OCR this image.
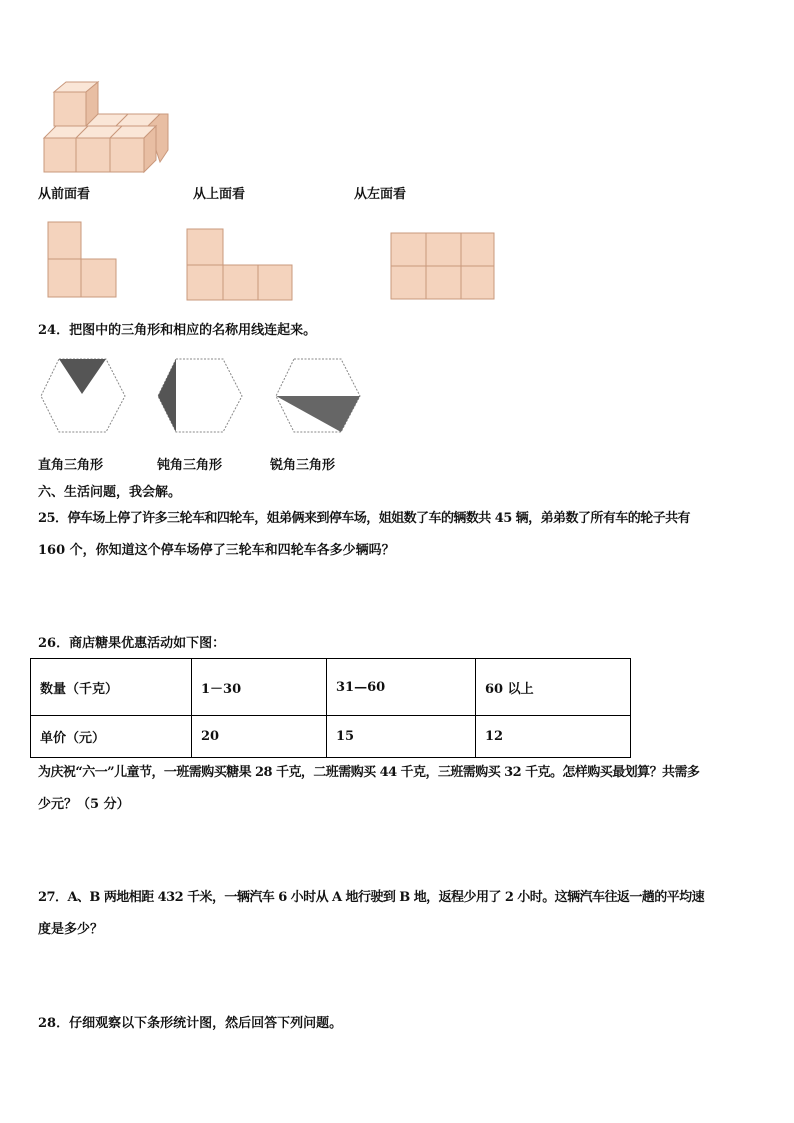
从前面看	从上面看	从左面看
24．把图中的三角形和相应的名称用线连起来。
直角三角形	钝角三角形	锐角三角形
六、生活问题，我会解。
25．停车场上停了许多三轮车和四轮车，姐弟俩来到停车场，姐姐数了车的辆数共 45 辆，弟弟数了所有车的轮子共有
160 个，你知道这个停车场停了三轮车和四轮车各多少辆吗？
26．商店糖果优惠活动如下图：
数量（千克）	1－30	31—60	60 以上
单价（元）	20	15	12
为庆祝“六一”儿童节，一班需购买糖果 28 千克，二班需购买 44 千克，三班需购买 32 千克。怎样购买最划算？共需多
少元？（5 分）
27．A、B 两地相距 432 千米，一辆汽车 6 小时从 A 地行驶到 B 地，返程少用了 2 小时。这辆汽车往返一趟的平均速
度是多少？
28．仔细观察以下条形统计图，然后回答下列问题。
